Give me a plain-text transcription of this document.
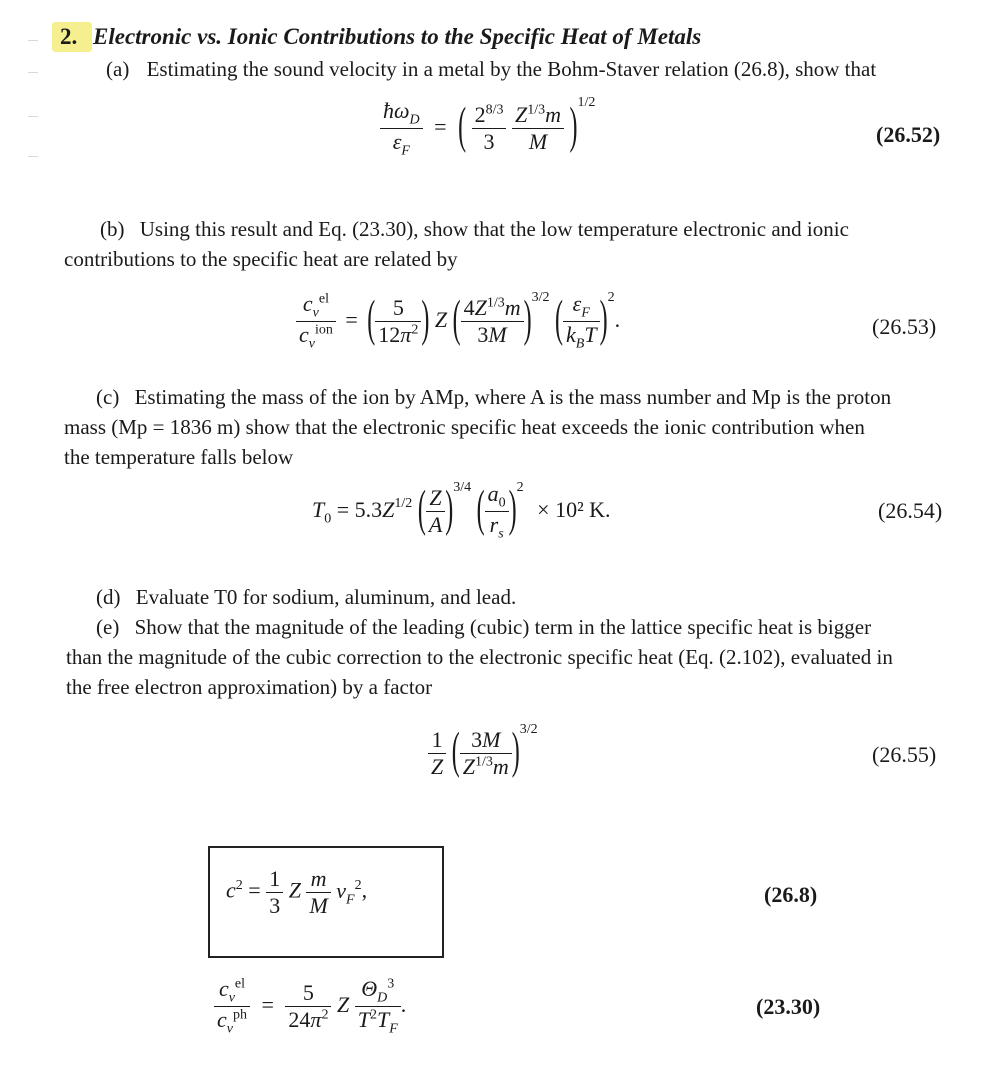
2. Electronic vs. Ionic Contributions to the Specific Heat of Metals
(a) Estimating the sound velocity in a metal by the Bohm-Staver relation (26.8), show that
$\frac{ħ\omega_D}{\varepsilon_F}$ = ( $\frac{2^{8/3}}{3}$
$\frac{Z^{1/3}m}{M} )^{1/2}$
(26.52)
(b) Using this result and Eq. (23.30), show that the low temperature electronic and ionic
contributions to the specific heat are related by
$\frac{c_v^{el}}{c_v^{ion}}$ = ( $\frac{5}{12\pi^2}$ ) Z ( $\frac{4Z^{1/3}m}{3M} )^{3/2}$ ( $\frac{\varepsilon_F}{k_BT} )^2$.	(26.53)
(c) Estimating the mass of the ion by AMp, where A is the mass number and Mp is the proton
mass (Mp = 1836 m) show that the electronic specific heat exceeds the ionic contribution when
the temperature falls below
$T_0 = 5.3Z^{1/2}$ ( $\frac{Z}{A} )^{3/4}$ ( $\frac{a_0}{r_s} )^2 \times 10^2$ K.	(26.54)
(d) Evaluate T0 for sodium, aluminum, and lead.
(e) Show that the magnitude of the leading (cubic) term in the lattice specific heat is bigger
than the magnitude of the cubic correction to the electronic specific heat (Eq. (2.102), evaluated in
the free electron approximation) by a factor
$\frac{1}{Z}$ ( $\frac{3M}{Z^{1/3}m} )^{3/2}$
(26.55)
$c^2 = \frac{1}{3}$ Z $\frac{m}{M} v_F^2$,	(26.8)
$\frac{c_v^{el}}{c_v^{ph}} = \frac{5}{24\pi^2}$ Z $\frac{\Theta_D^3}{T^2T_F}$ .	(23.30)
